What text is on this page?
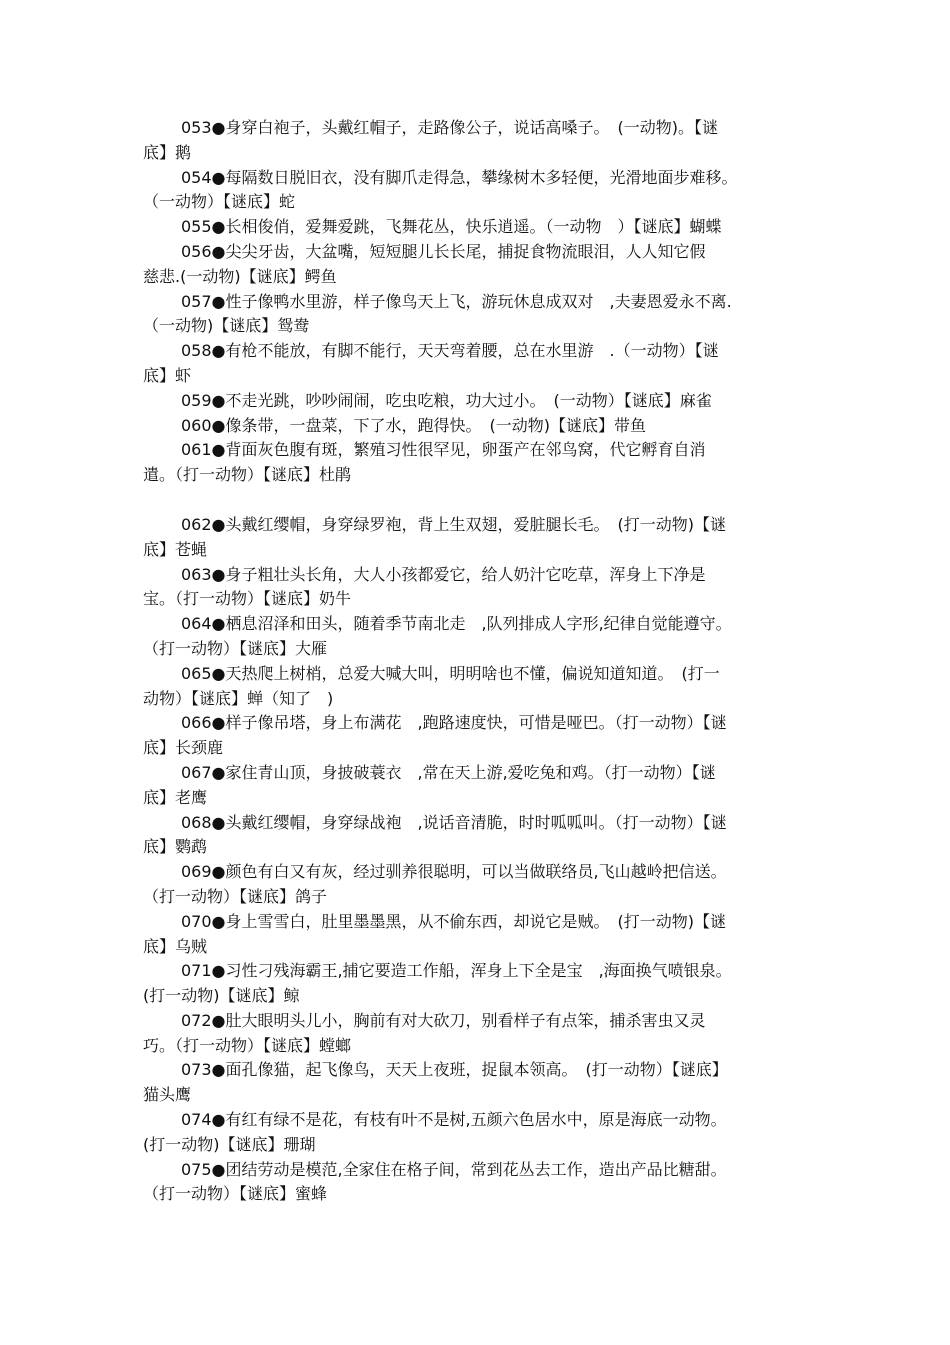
053●身穿白袍子，头戴红帽子，走路像公子，说话高嗓子。　(一动物)。【谜
底】鹅
054●每隔数日脱旧衣，没有脚爪走得急，攀缘树木多轻便，光滑地面步难移。
（一动物）【谜底】蛇
055●长相俊俏，爱舞爱跳，飞舞花丛，快乐逍遥。（一动物　）【谜底】蝴蝶
056●尖尖牙齿，大盆嘴，短短腿儿长长尾，捕捉食物流眼泪，人人知它假
慈悲.(一动物)【谜底】鳄鱼
057●性子像鸭水里游，样子像鸟天上飞，游玩休息成双对　,夫妻恩爱永不离.
（一动物)【谜底】鸳鸯
058●有枪不能放，有脚不能行，天天弯着腰，总在水里游　.（一动物）【谜
底】虾
059●不走光跳，吵吵闹闹，吃虫吃粮，功大过小。　(一动物）【谜底】麻雀
060●像条带，一盘菜，下了水，跑得快。　(一动物)【谜底】带鱼
061●背面灰色腹有斑，繁殖习性很罕见，卵蛋产在邻鸟窝，代它孵育自消
遣。（打一动物）【谜底】杜鹃
062●头戴红缨帽，身穿绿罗袍，背上生双翅，爱脏腿长毛。　(打一动物)【谜
底】苍蝇
063●身子粗壮头长角，大人小孩都爱它，给人奶汁它吃草，浑身上下净是
宝。（打一动物）【谜底】奶牛
064●栖息沼泽和田头，随着季节南北走　,队列排成人字形,纪律自觉能遵守。
（打一动物）【谜底】大雁
065●天热爬上树梢，总爱大喊大叫，明明啥也不懂，偏说知道知道。　(打一
动物）【谜底】蝉（知了　)
066●样子像吊塔，身上布满花　,跑路速度快，可惜是哑巴。（打一动物）【谜
底】长颈鹿
067●家住青山顶，身披破蓑衣　,常在天上游,爱吃兔和鸡。（打一动物）【谜
底】老鹰
068●头戴红缨帽，身穿绿战袍　,说话音清脆，时时呱呱叫。（打一动物）【谜
底】鹦鹉
069●颜色有白又有灰，经过驯养很聪明，可以当做联络员,飞山越岭把信送。
（打一动物）【谜底】鸽子
070●身上雪雪白，肚里墨墨黑，从不偷东西，却说它是贼。　(打一动物)【谜
底】乌贼
071●习性刁残海霸王,捕它要造工作船，浑身上下全是宝　,海面换气喷银泉。
(打一动物)【谜底】鲸
072●肚大眼明头儿小，胸前有对大砍刀，别看样子有点笨，捕杀害虫又灵
巧。（打一动物）【谜底】螳螂
073●面孔像猫，起飞像鸟，天天上夜班，捉鼠本领高。　(打一动物）【谜底】
猫头鹰
074●有红有绿不是花，有枝有叶不是树,五颜六色居水中，原是海底一动物。
(打一动物)【谜底】珊瑚
075●团结劳动是模范,全家住在格子间，常到花丛去工作，造出产品比糖甜。
（打一动物）【谜底】蜜蜂
